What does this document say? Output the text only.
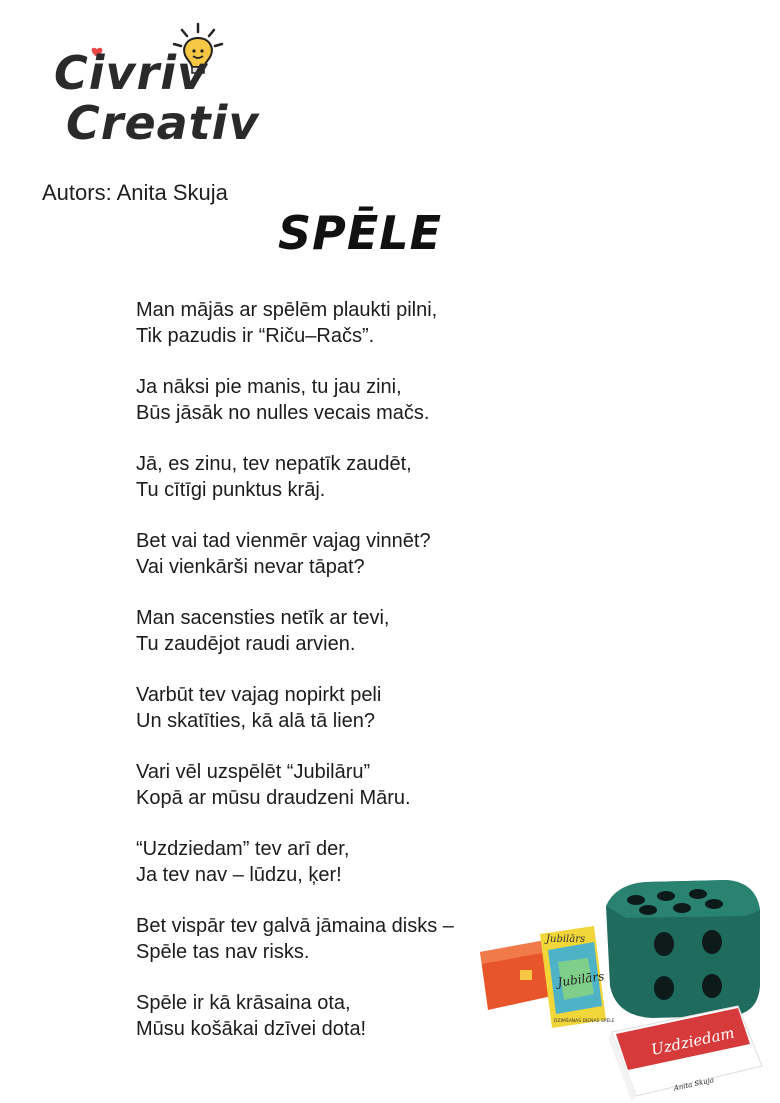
Civriv
Creativ
Autors: Anita Skuja
SPĒLE
Man mājās ar spēlēm plaukti pilni,
Tik pazudis ir “Riču–Račs”.
Ja nāksi pie manis, tu jau zini,
Būs jāsāk no nulles vecais mačs.
Jā, es zinu, tev nepatīk zaudēt,
Tu cītīgi punktus krāj.
Bet vai tad vienmēr vajag vinnēt?
Vai vienkārši nevar tāpat?
Man sacensties netīk ar tevi,
Tu zaudējot raudi arvien.
Varbūt tev vajag nopirkt peli
Un skatīties, kā alā tā lien?
Vari vēl uzspēlēt “Jubilāru”
Kopā ar mūsu draudzeni Māru.
“Uzdziedam” tev arī der,
Ja tev nav – lūdzu, ķer!
Bet vispār tev galvā jāmaina disks –
Spēle tas nav risks.
Spēle ir kā krāsaina ota,
Mūsu košākai dzīvei dota!
Jubilārs
Jubilārs
DZIMŠANAS DIENAS SPĒLE
Uzdziedam
Anita Skuja
